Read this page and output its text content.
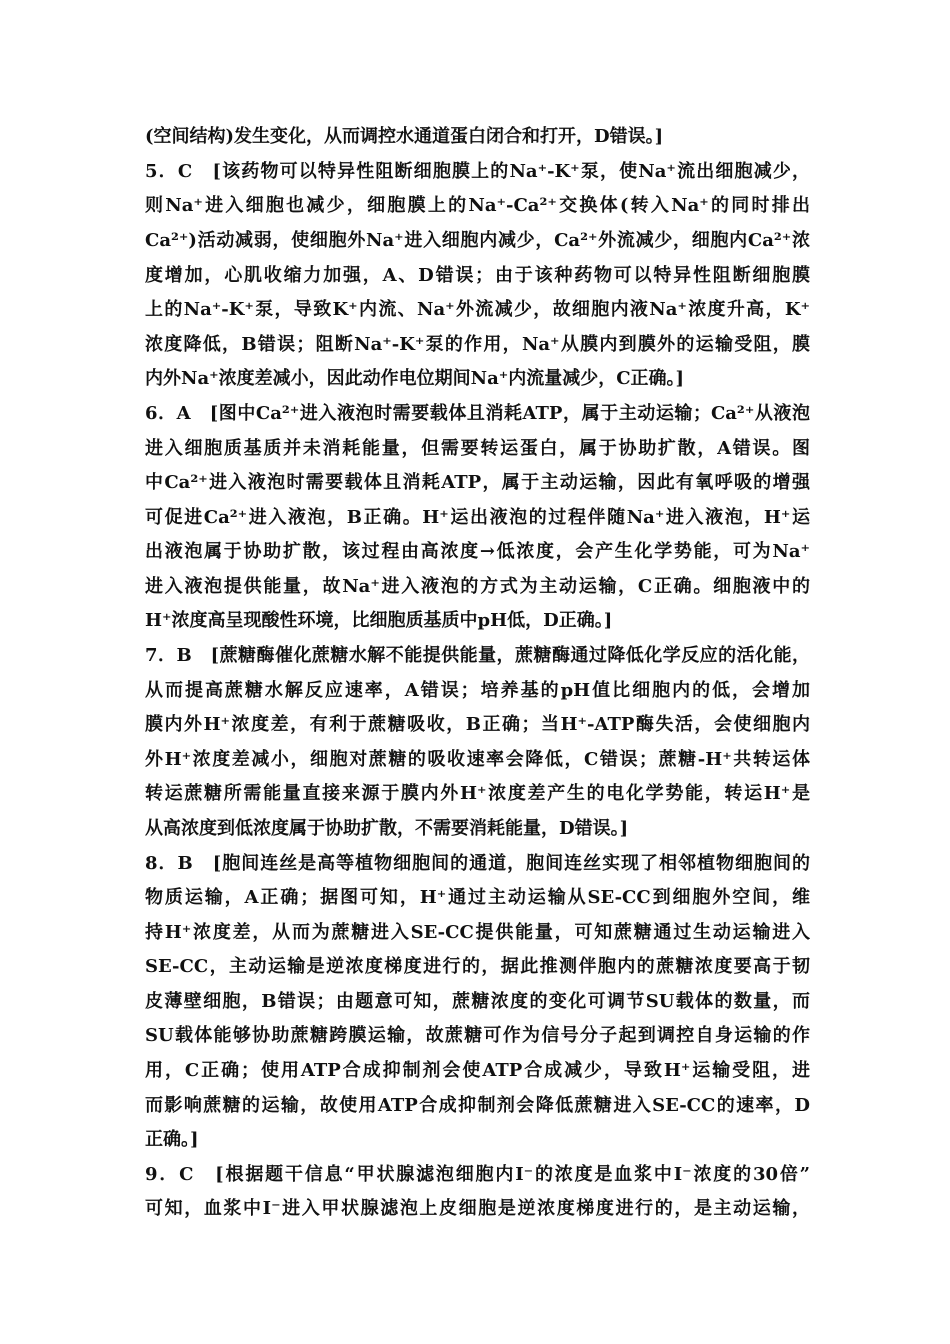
(空间结构)发生变化，从而调控水通道蛋白闭合和打开，D错误。]
5．C　[该药物可以特异性阻断细胞膜上的Na⁺-K⁺泵，使Na⁺流出细胞减少，
则Na⁺进入细胞也减少，细胞膜上的Na⁺-Ca²⁺交换体(转入Na⁺的同时排出
Ca²⁺)活动减弱，使细胞外Na⁺进入细胞内减少，Ca²⁺外流减少，细胞内Ca²⁺浓
度增加，心肌收缩力加强，A、D错误；由于该种药物可以特异性阻断细胞膜
上的Na⁺-K⁺泵，导致K⁺内流、Na⁺外流减少，故细胞内液Na⁺浓度升高，K⁺
浓度降低，B错误；阻断Na⁺-K⁺泵的作用，Na⁺从膜内到膜外的运输受阻，膜
内外Na⁺浓度差减小，因此动作电位期间Na⁺内流量减少，C正确。]
6．A　[图中Ca²⁺进入液泡时需要载体且消耗ATP，属于主动运输；Ca²⁺从液泡
进入细胞质基质并未消耗能量，但需要转运蛋白，属于协助扩散，A错误。图
中Ca²⁺进入液泡时需要载体且消耗ATP，属于主动运输，因此有氧呼吸的增强
可促进Ca²⁺进入液泡，B正确。H⁺运出液泡的过程伴随Na⁺进入液泡，H⁺运
出液泡属于协助扩散，该过程由高浓度→低浓度，会产生化学势能，可为Na⁺
进入液泡提供能量，故Na⁺进入液泡的方式为主动运输，C正确。细胞液中的
H⁺浓度高呈现酸性环境，比细胞质基质中pH低，D正确。]
7．B　[蔗糖酶催化蔗糖水解不能提供能量，蔗糖酶通过降低化学反应的活化能，
从而提高蔗糖水解反应速率，A错误；培养基的pH值比细胞内的低，会增加
膜内外H⁺浓度差，有利于蔗糖吸收，B正确；当H⁺-ATP酶失活，会使细胞内
外H⁺浓度差减小，细胞对蔗糖的吸收速率会降低，C错误；蔗糖-H⁺共转运体
转运蔗糖所需能量直接来源于膜内外H⁺浓度差产生的电化学势能，转运H⁺是
从高浓度到低浓度属于协助扩散，不需要消耗能量，D错误。]
8．B　[胞间连丝是高等植物细胞间的通道，胞间连丝实现了相邻植物细胞间的
物质运输，A正确；据图可知，H⁺通过主动运输从SE-CC到细胞外空间，维
持H⁺浓度差，从而为蔗糖进入SE-CC提供能量，可知蔗糖通过生动运输进入
SE-CC，主动运输是逆浓度梯度进行的，据此推测伴胞内的蔗糖浓度要高于韧
皮薄壁细胞，B错误；由题意可知，蔗糖浓度的变化可调节SU载体的数量，而
SU载体能够协助蔗糖跨膜运输，故蔗糖可作为信号分子起到调控自身运输的作
用，C正确；使用ATP合成抑制剂会使ATP合成减少，导致H⁺运输受阻，进
而影响蔗糖的运输，故使用ATP合成抑制剂会降低蔗糖进入SE-CC的速率，D
正确。]
9．C　[根据题干信息“甲状腺滤泡细胞内I⁻的浓度是血浆中I⁻浓度的30倍”
可知，血浆中I⁻进入甲状腺滤泡上皮细胞是逆浓度梯度进行的，是主动运输，
